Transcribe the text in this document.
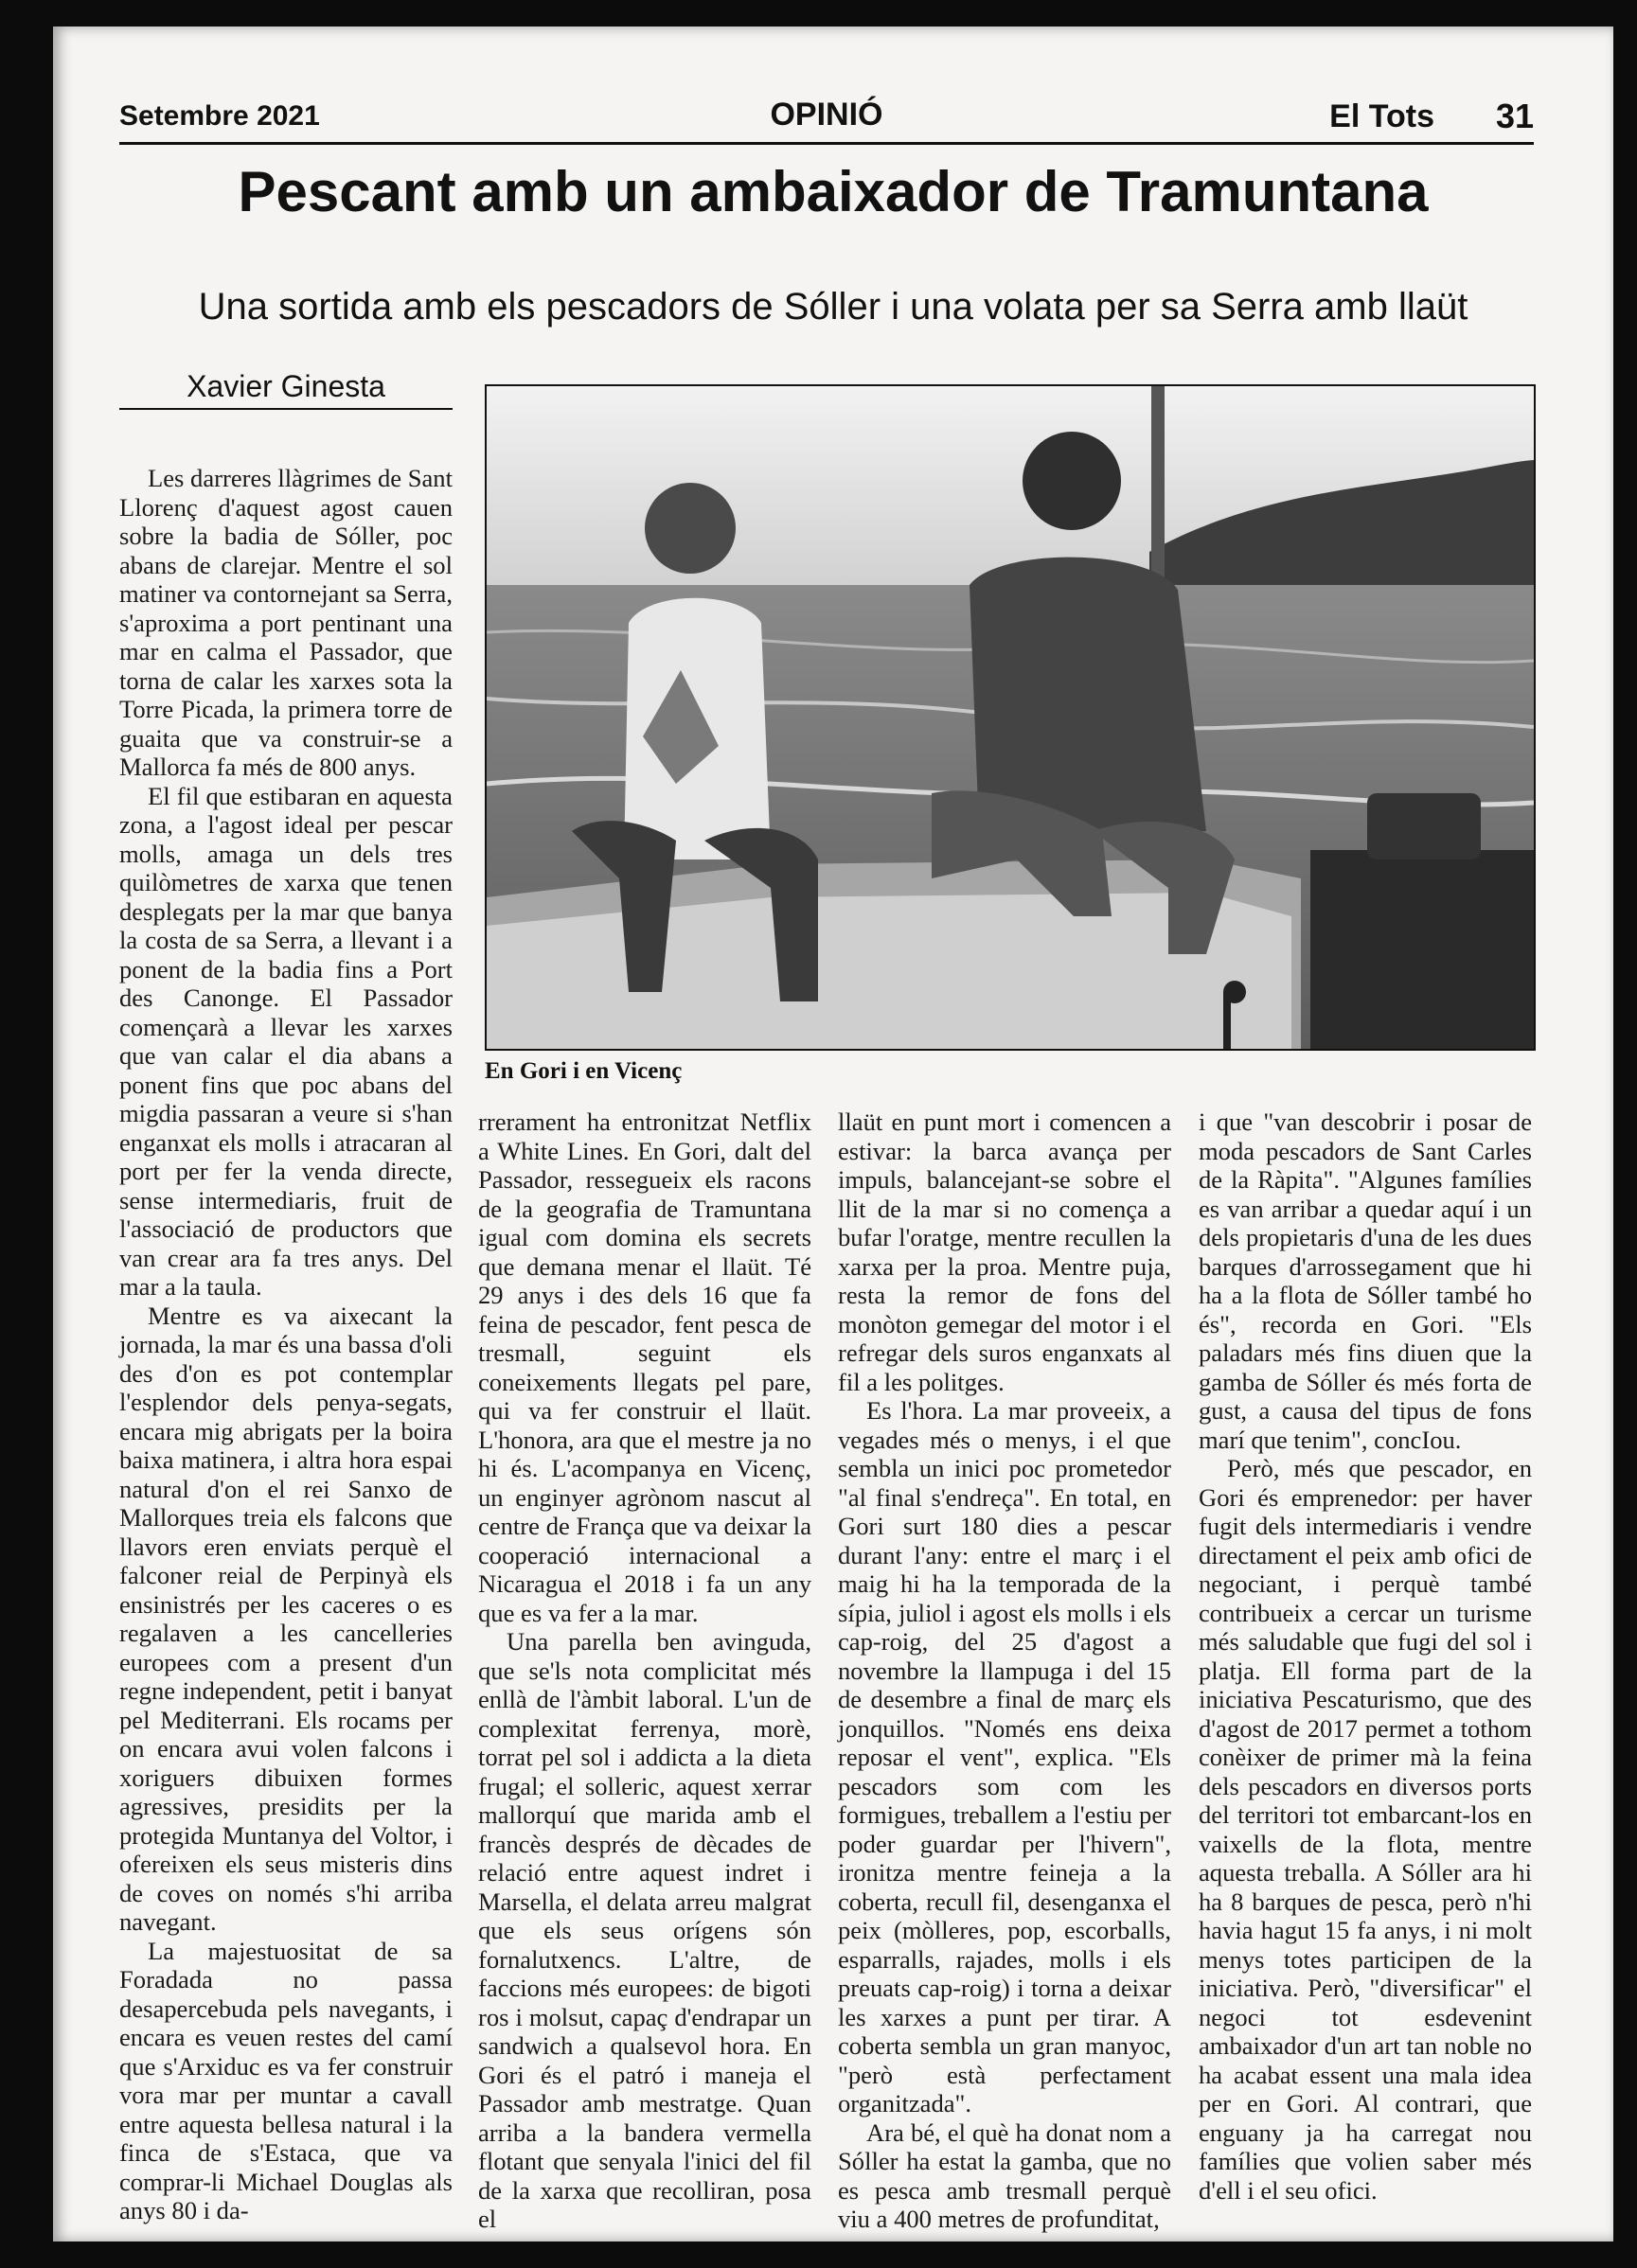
Setembre 2021	OPINIÓ	El Tots 31
Pescant amb un ambaixador de Tramuntana
Una sortida amb els pescadors de Sóller i una volata per sa Serra amb llaüt
Xavier Ginesta
En Gori i en Vicenç

Les darreres llàgrimes de Sant Llorenç d'aquest agost cauen sobre la badia de Sóller, poc abans de clarejar. Mentre el sol matiner va contornejant sa Serra, s'aproxima a port pentinant una mar en calma el Passador, que torna de calar les xarxes sota la Torre Picada, la primera torre de guaita que va construir-se a Mallorca fa més de 800 anys.

El fil que estibaran en aquesta zona, a l'agost ideal per pescar molls, amaga un dels tres quilòmetres de xarxa que tenen desplegats per la mar que banya la costa de sa Serra, a llevant i a ponent de la badia fins a Port des Canonge. El Passador començarà a llevar les xarxes que van calar el dia abans a ponent fins que poc abans del migdia passaran a veure si s'han enganxat els molls i atracaran al port per fer la venda directe, sense intermediaris, fruit de l'associació de productors que van crear ara fa tres anys. Del mar a la taula.

Mentre es va aixecant la jornada, la mar és una bassa d'oli des d'on es pot contemplar l'esplendor dels penya-segats, encara mig abrigats per la boira baixa matinera, i altra hora espai natural d'on el rei Sanxo de Mallorques treia els falcons que llavors eren enviats perquè el falconer reial de Perpinyà els ensinistrés per les caceres o es regalaven a les cancelleries europees com a present d'un regne independent, petit i banyat pel Mediterrani. Els rocams per on encara avui volen falcons i xoriguers dibuixen formes agressives, presidits per la protegida Muntanya del Voltor, i ofereixen els seus misteris dins de coves on només s'hi arriba navegant.

La majestuositat de sa Foradada no passa desapercebuda pels navegants, i encara es veuen restes del camí que s'Arxiduc es va fer construir vora mar per muntar a cavall entre aquesta bellesa natural i la finca de s'Estaca, que va comprar-li Michael Douglas als anys 80 i da-

rrerament ha entronitzat Netflix a White Lines. En Gori, dalt del Passador, ressegueix els racons de la geografia de Tramuntana igual com domina els secrets que demana menar el llaüt. Té 29 anys i des dels 16 que fa feina de pescador, fent pesca de tresmall, seguint els coneixements llegats pel pare, qui va fer construir el llaüt. L'honora, ara que el mestre ja no hi és. L'acompanya en Vicenç, un enginyer agrònom nascut al centre de França que va deixar la cooperació internacional a Nicaragua el 2018 i fa un any que es va fer a la mar.

Una parella ben avinguda, que se'ls nota complicitat més enllà de l'àmbit laboral. L'un de complexitat ferrenya, morè, torrat pel sol i addicta a la dieta frugal; el solleric, aquest xerrar mallorquí que marida amb el francès després de dècades de relació entre aquest indret i Marsella, el delata arreu malgrat que els seus orígens són fornalutxencs. L'altre, de faccions més europees: de bigoti ros i molsut, capaç d'endrapar un sandwich a qualsevol hora. En Gori és el patró i maneja el Passador amb mestratge. Quan arriba a la bandera vermella flotant que senyala l'inici del fil de la xarxa que recolliran, posa el

llaüt en punt mort i comencen a estivar: la barca avança per impuls, balancejant-se sobre el llit de la mar si no comença a bufar l'oratge, mentre recullen la xarxa per la proa. Mentre puja, resta la remor de fons del monòton gemegar del motor i el refregar dels suros enganxats al fil a les politges.

Es l'hora. La mar proveeix, a vegades més o menys, i el que sembla un inici poc prometedor "al final s'endreça". En total, en Gori surt 180 dies a pescar durant l'any: entre el març i el maig hi ha la temporada de la sípia, juliol i agost els molls i els cap-roig, del 25 d'agost a novembre la llampuga i del 15 de desembre a final de març els jonquillos. "Només ens deixa reposar el vent", explica. "Els pescadors som com les formigues, treballem a l'estiu per poder guardar per l'hivern", ironitza mentre feineja a la coberta, recull fil, desenganxa el peix (mòlleres, pop, escorballs, esparralls, rajades, molls i els preuats cap-roig) i torna a deixar les xarxes a punt per tirar. A coberta sembla un gran manyoc, "però està perfectament organitzada".

Ara bé, el què ha donat nom a Sóller ha estat la gamba, que no es pesca amb tresmall perquè viu a 400 metres de profunditat,

i que "van descobrir i posar de moda pescadors de Sant Carles de la Ràpita". "Algunes famílies es van arribar a quedar aquí i un dels propietaris d'una de les dues barques d'arrossegament que hi ha a la flota de Sóller també ho és", recorda en Gori. "Els paladars més fins diuen que la gamba de Sóller és més forta de gust, a causa del tipus de fons marí que tenim", concIou.

Però, més que pescador, en Gori és emprenedor: per haver fugit dels intermediaris i vendre directament el peix amb ofici de negociant, i perquè també contribueix a cercar un turisme més saludable que fugi del sol i platja. Ell forma part de la iniciativa Pescaturismo, que des d'agost de 2017 permet a tothom conèixer de primer mà la feina dels pescadors en diversos ports del territori tot embarcant-los en vaixells de la flota, mentre aquesta treballa. A Sóller ara hi ha 8 barques de pesca, però n'hi havia hagut 15 fa anys, i ni molt menys totes participen de la iniciativa. Però, "diversificar" el negoci tot esdevenint ambaixador d'un art tan noble no ha acabat essent una mala idea per en Gori. Al contrari, que enguany ja ha carregat nou famílies que volien saber més d'ell i el seu ofici.
